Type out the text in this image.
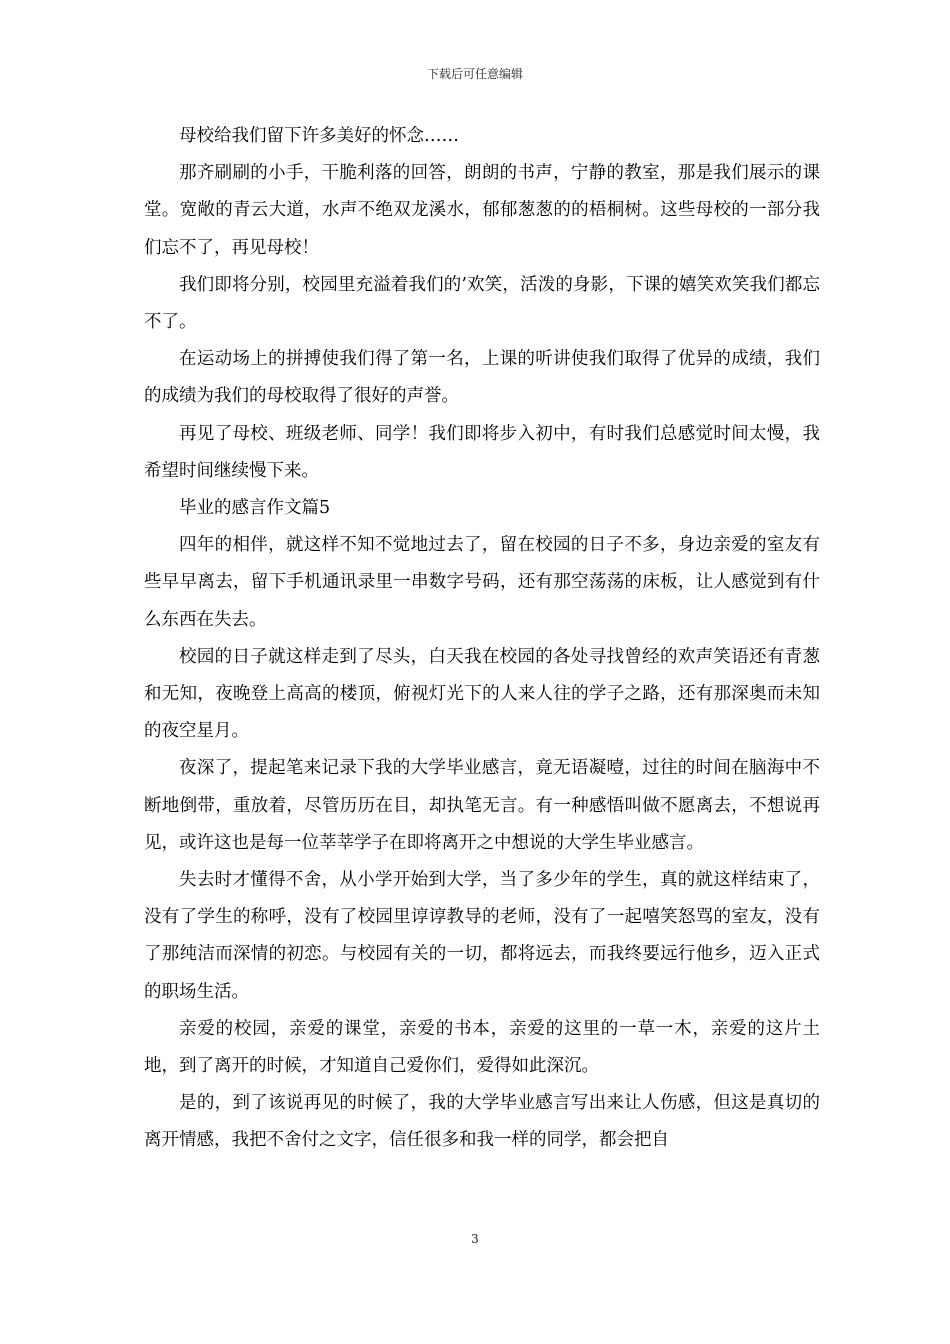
下载后可任意编辑

母校给我们留下许多美好的怀念……

那齐刷刷的小手，干脆利落的回答，朗朗的书声，宁静的教室，那是我们展示的课堂。宽敞的青云大道，水声不绝双龙溪水，郁郁葱葱的的梧桐树。这些母校的一部分我们忘不了，再见母校！

我们即将分别，校园里充溢着我们的’欢笑，活泼的身影，下课的嬉笑欢笑我们都忘不了。

在运动场上的拼搏使我们得了第一名，上课的听讲使我们取得了优异的成绩，我们的成绩为我们的母校取得了很好的声誉。

再见了母校、班级老师、同学！我们即将步入初中，有时我们总感觉时间太慢，我希望时间继续慢下来。

毕业的感言作文篇5

四年的相伴，就这样不知不觉地过去了，留在校园的日子不多，身边亲爱的室友有些早早离去，留下手机通讯录里一串数字号码，还有那空荡荡的床板，让人感觉到有什么东西在失去。

校园的日子就这样走到了尽头，白天我在校园的各处寻找曾经的欢声笑语还有青葱和无知，夜晚登上高高的楼顶，俯视灯光下的人来人往的学子之路，还有那深奥而未知的夜空星月。

夜深了，提起笔来记录下我的大学毕业感言，竟无语凝噎，过往的时间在脑海中不断地倒带，重放着，尽管历历在目，却执笔无言。有一种感悟叫做不愿离去，不想说再见，或许这也是每一位莘莘学子在即将离开之中想说的大学生毕业感言。

失去时才懂得不舍，从小学开始到大学，当了多少年的学生，真的就这样结束了，没有了学生的称呼，没有了校园里谆谆教导的老师，没有了一起嘻笑怒骂的室友，没有了那纯洁而深情的初恋。与校园有关的一切，都将远去，而我终要远行他乡，迈入正式的职场生活。

亲爱的校园，亲爱的课堂，亲爱的书本，亲爱的这里的一草一木，亲爱的这片土地，到了离开的时候，才知道自己爱你们，爱得如此深沉。

是的，到了该说再见的时候了，我的大学毕业感言写出来让人伤感，但这是真切的离开情感，我把不舍付之文字，信任很多和我一样的同学，都会把自

3
